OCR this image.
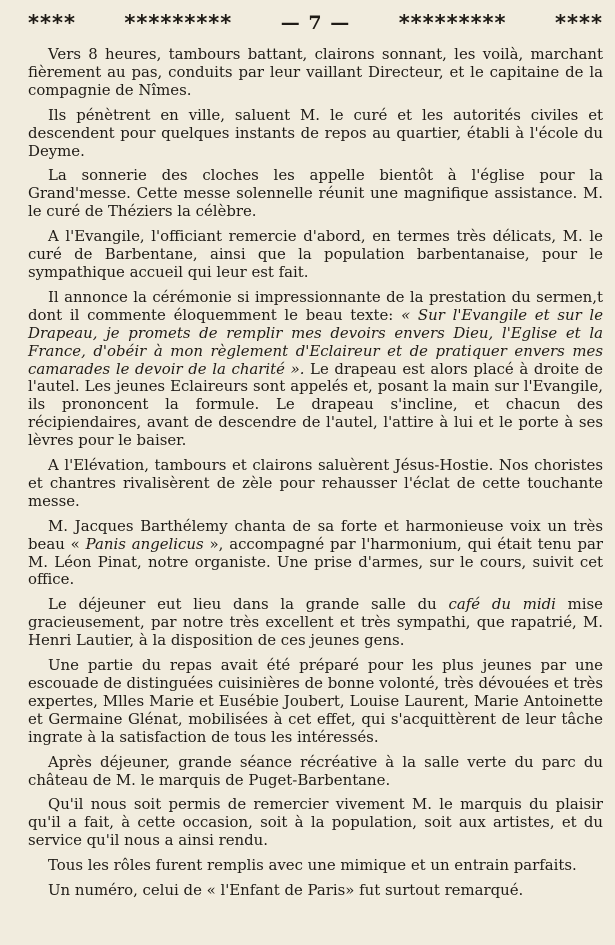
**** *********	— 7 — ********* ****

Vers 8 heures, tambours battant, clairons sonnant, les voilà, marchant fièrement au pas, conduits par leur vaillant Directeur, et le capitaine de la compagnie de Nîmes.

Ils pénètrent en ville, saluent M. le curé et les autorités civiles et descendent pour quelques instants de repos au quartier, établi à l'école du Deyme.

La sonnerie des cloches les appelle bientôt à l'église pour la Grand'messe. Cette messe solennelle réunit une magnifique assistance. M. le curé de Théziers la célèbre.

A l'Evangile, l'officiant remercie d'abord, en termes très délicats, M. le curé de Barbentane, ainsi que la population barbentanaise, pour le sympathique accueil qui leur est fait.

Il annonce la cérémonie si impressionnante de la prestation du sermen,t dont il commente éloquemment le beau texte: « Sur l'Evangile et sur le Drapeau, je promets de remplir mes devoirs envers Dieu, l'Eglise et la France, d'obéir à mon règlement d'Eclaireur et de pratiquer envers mes camarades le devoir de la charité ». Le drapeau est alors placé à droite de l'autel. Les jeunes Eclaireurs sont appelés et, posant la main sur l'Evangile, ils prononcent la formule. Le drapeau s'incline, et chacun des récipiendaires, avant de descendre de l'autel, l'attire à lui et le porte à ses lèvres pour le baiser.

A l'Elévation, tambours et clairons saluèrent Jésus-Hostie. Nos choristes et chantres rivalisèrent de zèle pour rehausser l'éclat de cette touchante messe.

M. Jacques Barthélemy chanta de sa forte et harmonieuse voix un très beau « Panis angelicus », accompagné par l'harmonium, qui était tenu par M. Léon Pinat, notre organiste. Une prise d'armes, sur le cours, suivit cet office.

Le déjeuner eut lieu dans la grande salle du café du midi mise gracieusement, par notre très excellent et très sympathi, que rapatrié, M. Henri Lautier, à la disposition de ces jeunes gens.

Une partie du repas avait été préparé pour les plus jeunes par une escouade de distinguées cuisinières de bonne volonté, très dévouées et très expertes, Mlles Marie et Eusébie Joubert, Louise Laurent, Marie Antoinette et Germaine Glénat, mobilisées à cet effet, qui s'acquittèrent de leur tâche ingrate à la satisfaction de tous les intéressés.

Après déjeuner, grande séance récréative à la salle verte du parc du château de M. le marquis de Puget-Barbentane.

Qu'il nous soit permis de remercier vivement M. le marquis du plaisir qu'il a fait, à cette occasion, soit à la population, soit aux artistes, et du service qu'il nous a ainsi rendu.

Tous les rôles furent remplis avec une mimique et un entrain parfaits.

Un numéro, celui de « l'Enfant de Paris» fut surtout remarqué.
